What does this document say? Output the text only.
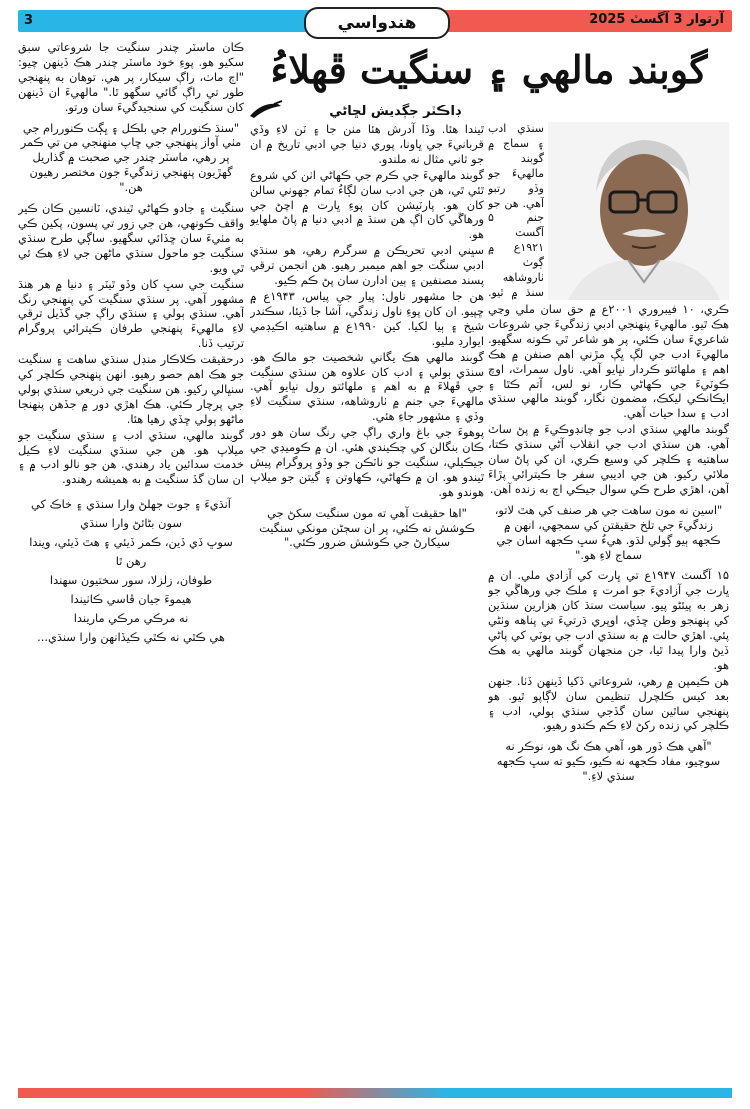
3	ھندواسي	آرتوار 3 آگسٽ 2025
گوبند مالهي ۽ سنگيت ڦهلاءُ
ڊاڪٽر جڳديش لڇاڻي

سنڌي ادب ۽ سماج ۾ گوبند مالهيءَ جو وڏو رتبو آهي. هن جو جنم ۵ آگسٽ ۱۹۲۱ع ۾ ڳوٺ ٺاروشاهه سنڌ ۾ ٿيو.

ڪري، ۱۰ فيبروري ۲۰۰۱ع ۾ حق سان ملي وڃي هڪ ٿيو. مالهيءَ پنهنجي ادبي زندگيءَ جي شروعات شاعريءَ سان ڪئي، پر هو شاعر ٿي ڪونه سگهيو. مالهيءَ ادب جي لڳ ڀڳ مڙني اهم صنفن ۾ هڪ اهم ۽ ملهائتو ڪردار نڀايو آهي. ناول سمراٽ، اوچ ڪوٽيءَ جي ڪهاڻي ڪار، نو لس، آتم ڪٿا ۽ ايڪانڪي ليکڪ، مضمون نگار، گوبند مالهي سنڌي ادب ۽ سدا حيات آهي.

گوبند مالهي سنڌي ادب جو چانڊوڪيءَ ۾ پڻ ساٿ آهي. هن سنڌي ادب جي انقلاب آڻي سنڌي ڪتا، ساهتيه ۽ ڪلچر کي وسيع ڪري، ان کي پاڻ سان ملائي رکيو. هن جي اديبي سفر جا ڪيترائي پڙاءَ آهن، اهڙي طرح ڪي سوال جيڪي اڄ به زنده آهن.

"اسين نه مون ساهت جي هر صنف کي هٿ لاتو، زندگيءَ جي تلخ حقيقتن کي سمجهي، انهن ۾ ڪجهه ٻيو ڳولي لڌو. هيءُ سڀ ڪجهه اسان جي سماج لاءِ هو."

۱۵ آگسٽ ۱۹۴۷ع تي ڀارت کي آزادي ملي. ان ۾ ڀارت جي آزاديءَ جو امرت ۽ ملڪ جي ورهاڱي جو زهر به پيئڻو پيو. سياست سنڌ کان هزارين سنڌين کي پنهنجو وطن ڇڏي، اوپري ڌرتيءَ تي پناهه وٺڻي پئي. اهڙي حالت ۾ به سنڌي ادب جي ٻوٽي کي پاڻي ڏيڻ وارا پيدا ٿيا، جن منجهان گوبند مالهي به هڪ هو.

هن ڪيمپن ۾ رهي، شروعاتي ڏکيا ڏينهن ڏٺا. جنهن بعد کيس ڪلچرل تنظيمن سان لاڳاپو ٿيو. هو پنهنجي ساٿين سان گڏجي سنڌي ٻولي، ادب ۽ ڪلچر کي زنده رکڻ لاءِ ڪم ڪندو رهيو.

"آهي هڪ ڏور هو، آهي هڪ نگ هو، نوڪر نه سوچيو، مفاد ڪجهه نه ڪيو، ڪيو ته سڀ ڪجهه سنڌي لاءِ."

ٿيندا هئا. وڏا آدرش هئا منن جا ۽ ٽن لاءِ وڏي قربانيءَ جي ڀاونا، پوري دنيا جي ادبي تاريخ ۾ ان جو ثاني مثال نه ملندو.

گوبند مالهيءَ جي ڪرم جي ڪهاڻي اٺن کي شروع ٿئي ٿي، هن جي ادب سان لڳاءُ تمام جهوني سالن کان هو. پارٽيشن کان پوءِ ڀارت ۾ اچڻ جي ورهاڱي کان اڳ هن سنڌ ۾ ادبي دنيا ۾ پاڻ ملهايو هو.

سڀني ادبي تحريڪن ۾ سرگرم رهي، هو سنڌي ادبي سنگت جو اهم ميمبر رهيو. هن انجمن ترقي پسند مصنفين ۽ ٻين ادارن سان پڻ ڪم ڪيو.

هن جا مشهور ناول: پيار جي پياس، ۱۹۴۳ع ۾ ڇپيو. ان کان پوءِ ناول زندگي، آشا جا ڏيئا، سڪندر شيخ ۽ ٻيا لکيا. کين ۱۹۹۰ع ۾ ساهتيه اڪيڊمي ايوارڊ مليو.

گوبند مالهي هڪ يگاني شخصيت جو مالڪ هو. سنڌي ٻولي ۽ ادب کان علاوه هن سنڌي سنگيت جي ڦهلاءَ ۾ به اهم ۽ ملهائتو رول نڀايو آهي. مالهيءَ جي جنم ۾ ٺاروشاهه، سنڌي سنگيت لاءِ وڏي ۽ مشهور جاءِ هئي.

پوهوءَ جي باغ واري راڳ جي رنگ سان هو دور ڪان بنگالن کي چڪيندي هئي. ان ۾ ڪوميڊي جي جيڪيلي، سنگيت جو ناٽڪن جو وڏو پروگرام پيش ٿيندو هو. ان ۾ ڪهاڻي، ڪهاوتن ۽ گيتن جو ميلاپ هوندو هو.

"اها حقيقت آهي ته مون سنگيت سکڻ جي ڪوشش نه ڪئي، پر ان سڄڻن مونکي سنگيت سيکارڻ جي ڪوشش ضرور ڪئي."

ڪان ماسٽر چندر سنگيت جا شروعاتي سبق سکيو هو. پوءِ خود ماسٽر چندر هڪ ڏينهن چيو: "اڄ ماٺ، راڳ سيکار، پر هي. توهان به پنهنجي طور تي راڳ گائي سگهو ٿا." مالهيءَ ان ڏينهن کان سنگيت کي سنجيدگيءَ سان ورتو.

"سنڌ ڪنوررام جي بلڪل ۽ ڀڳت ڪنوررام جي مٺي آواز پنهنجي جي ڇاپ منهنجي من تي ڪمر پر رهي، ماسٽر چندر جي صحبت ۾ گذاريل گهڙيون پنهنجي زندگيءَ جون مختصر رهيون هن."

سنگيت ۽ جادو ڪهاڻي ٿيندي، ٽانسين ڪان ڪير واقف ڪونهي، هن جي زور تي پسون، پکين ڪي به مٺيءَ سان ڇڏائي سگهيو. ساڳي طرح سنڌي سنگيت جو ماحول سنڌي ماڻهن جي لاءِ هڪ ئي ٿي ويو.

سنگيت جي سڀ کان وڏو ٿيٽر ۽ دنيا ۾ هر هنڌ مشهور آهي. پر سنڌي سنگيت کي پنهنجي رنگ آهي. سنڌي ٻولي ۽ سنڌي راڳ جي گڏيل ترقي لاءِ مالهيءَ پنهنجي طرفان ڪيترائي پروگرام ترتيب ڏنا.

درحقيقت ڪلاڪار منڊل سنڌي ساهت ۽ سنگيت جو هڪ اهم حصو رهيو. انهن پنهنجي ڪلچر کي سنڀالي رکيو. هن سنگيت جي ذريعي سنڌي ٻولي جي پرچار ڪئي. هڪ اهڙي دور ۾ جڏهن پنهنجا ماڻهو ٻولي ڇڏي رهيا هئا.

گوبند مالهي، سنڌي ادب ۽ سنڌي سنگيت جو ميلاپ هو. هن جي سنڌي سنگيت لاءِ ڪيل خدمت سدائين ياد رهندي. هن جو نالو ادب ۾ ۽ ان سان گڏ سنگيت ۾ به هميشه رهندو.

آنڌيءَ ۽ جوت جهلڻ وارا سنڌي ۽ خاڪ کي سون بڻائڻ وارا سنڌي
سوڀ ڏي ڏين، ڪمر ڏيئي ۽ هٿ ڏيئي، ويندا رهن ٿا
طوفان، زلزلا، سور سختيون سهندا
هيموءَ جيان ڦاسي ڪاٺيندا
نه مرڪي مرڪي ماريندا
هي ڪٿي نه ڪٿي ڪيڏانهن وارا سنڌي...
